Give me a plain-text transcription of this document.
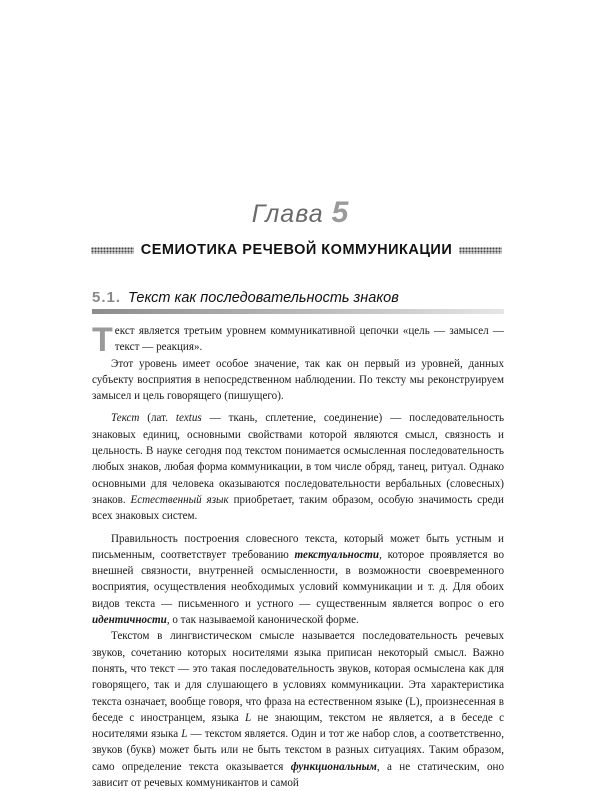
Глава 5
СЕМИОТИКА РЕЧЕВОЙ КОММУНИКАЦИИ
5.1. Текст как последовательность знаков

Текст является третьим уровнем коммуникативной цепочки «цель — замысел — текст — реакция».
Этот уровень имеет особое значение, так как он первый из уровней, данных субъекту восприятия в непосредственном наблюдении. По тексту мы реконструируем замысел и цель говорящего (пишущего).

Текст (лат. textus — ткань, сплетение, соединение) — последовательность знаковых единиц, основными свойствами которой являются смысл, связность и цельность. В науке сегодня под текстом понимается осмысленная последовательность любых знаков, любая форма коммуникации, в том числе обряд, танец, ритуал. Однако основными для человека оказываются последовательности вербальных (словесных) знаков. Естественный язык приобретает, таким образом, особую значимость среди всех знаковых систем.

Правильность построения словесного текста, который может быть устным и письменным, соответствует требованию текстуальности, которое проявляется во внешней связности, внутренней осмысленности, в возможности своевременного восприятия, осуществления необходимых условий коммуникации и т. д. Для обоих видов текста — письменного и устного — существенным является вопрос о его идентичности, о так называемой канонической форме.

Текстом в лингвистическом смысле называется последовательность речевых звуков, сочетанию которых носителями языка приписан некоторый смысл. Важно понять, что текст — это такая последовательность звуков, которая осмыслена как для говорящего, так и для слушающего в условиях коммуникации. Эта характеристика текста означает, вообще говоря, что фраза на естественном языке (L), произнесенная в беседе с иностранцем, языка L не знающим, текстом не является, а в беседе с носителями языка L — текстом является. Один и тот же набор слов, а соответственно, звуков (букв) может быть или не быть текстом в разных ситуациях. Таким образом, само определение текста оказывается функциональным, а не статическим, оно зависит от речевых коммуникантов и самой
